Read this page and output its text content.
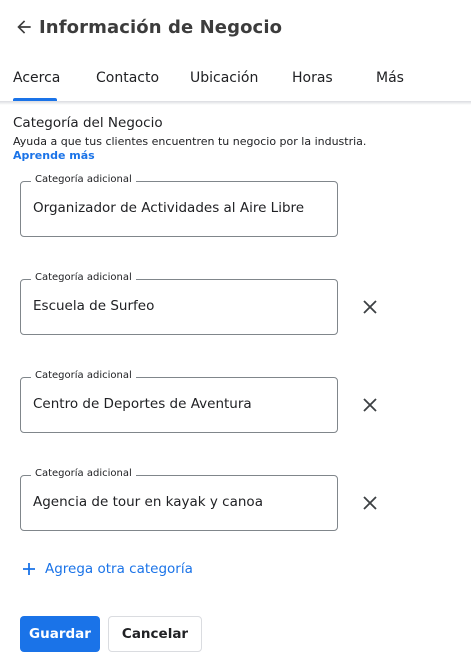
Información de Negocio
Acerca	Contacto Ubicación Horas	Más
Categoría del Negocio
Ayuda a que tus clientes encuentren tu negocio por la industria.
Aprende más
Categoría adicional
Organizador de Actividades al Aire Libre
Categoría adicional
Escuela de Surfeo
Categoría adicional
Centro de Deportes de Aventura
Categoría adicional
Agencia de tour en kayak y canoa
Agrega otra categoría
Guardar	Cancelar
